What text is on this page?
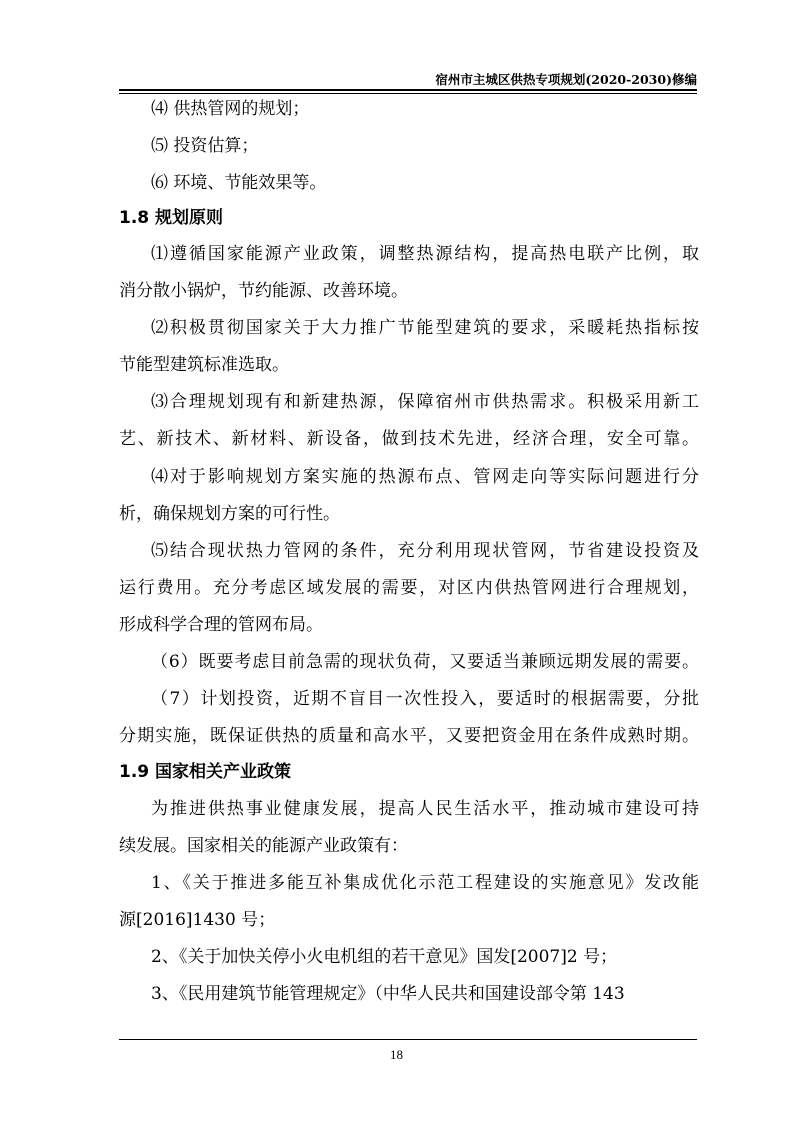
宿州市主城区供热专项规划(2020-2030)修编
⑷ 供热管网的规划；
⑸ 投资估算；
⑹ 环境、节能效果等。
1.8 规划原则
⑴遵循国家能源产业政策，调整热源结构，提高热电联产比例，取
消分散小锅炉，节约能源、改善环境。
⑵积极贯彻国家关于大力推广节能型建筑的要求，采暖耗热指标按
节能型建筑标准选取。
⑶合理规划现有和新建热源，保障宿州市供热需求。积极采用新工
艺、新技术、新材料、新设备，做到技术先进，经济合理，安全可靠。
⑷对于影响规划方案实施的热源布点、管网走向等实际问题进行分
析，确保规划方案的可行性。
⑸结合现状热力管网的条件，充分利用现状管网，节省建设投资及
运行费用。充分考虑区域发展的需要，对区内供热管网进行合理规划，
形成科学合理的管网布局。
（6）既要考虑目前急需的现状负荷，又要适当兼顾远期发展的需要。
（7）计划投资，近期不盲目一次性投入，要适时的根据需要，分批
分期实施，既保证供热的质量和高水平，又要把资金用在条件成熟时期。
1.9 国家相关产业政策
为推进供热事业健康发展，提高人民生活水平，推动城市建设可持
续发展。国家相关的能源产业政策有：
1、《关于推进多能互补集成优化示范工程建设的实施意见》发改能
源[2016]1430 号；
2、《关于加快关停小火电机组的若干意见》国发[2007]2 号；
3、《民用建筑节能管理规定》（中华人民共和国建设部令第 143
18
